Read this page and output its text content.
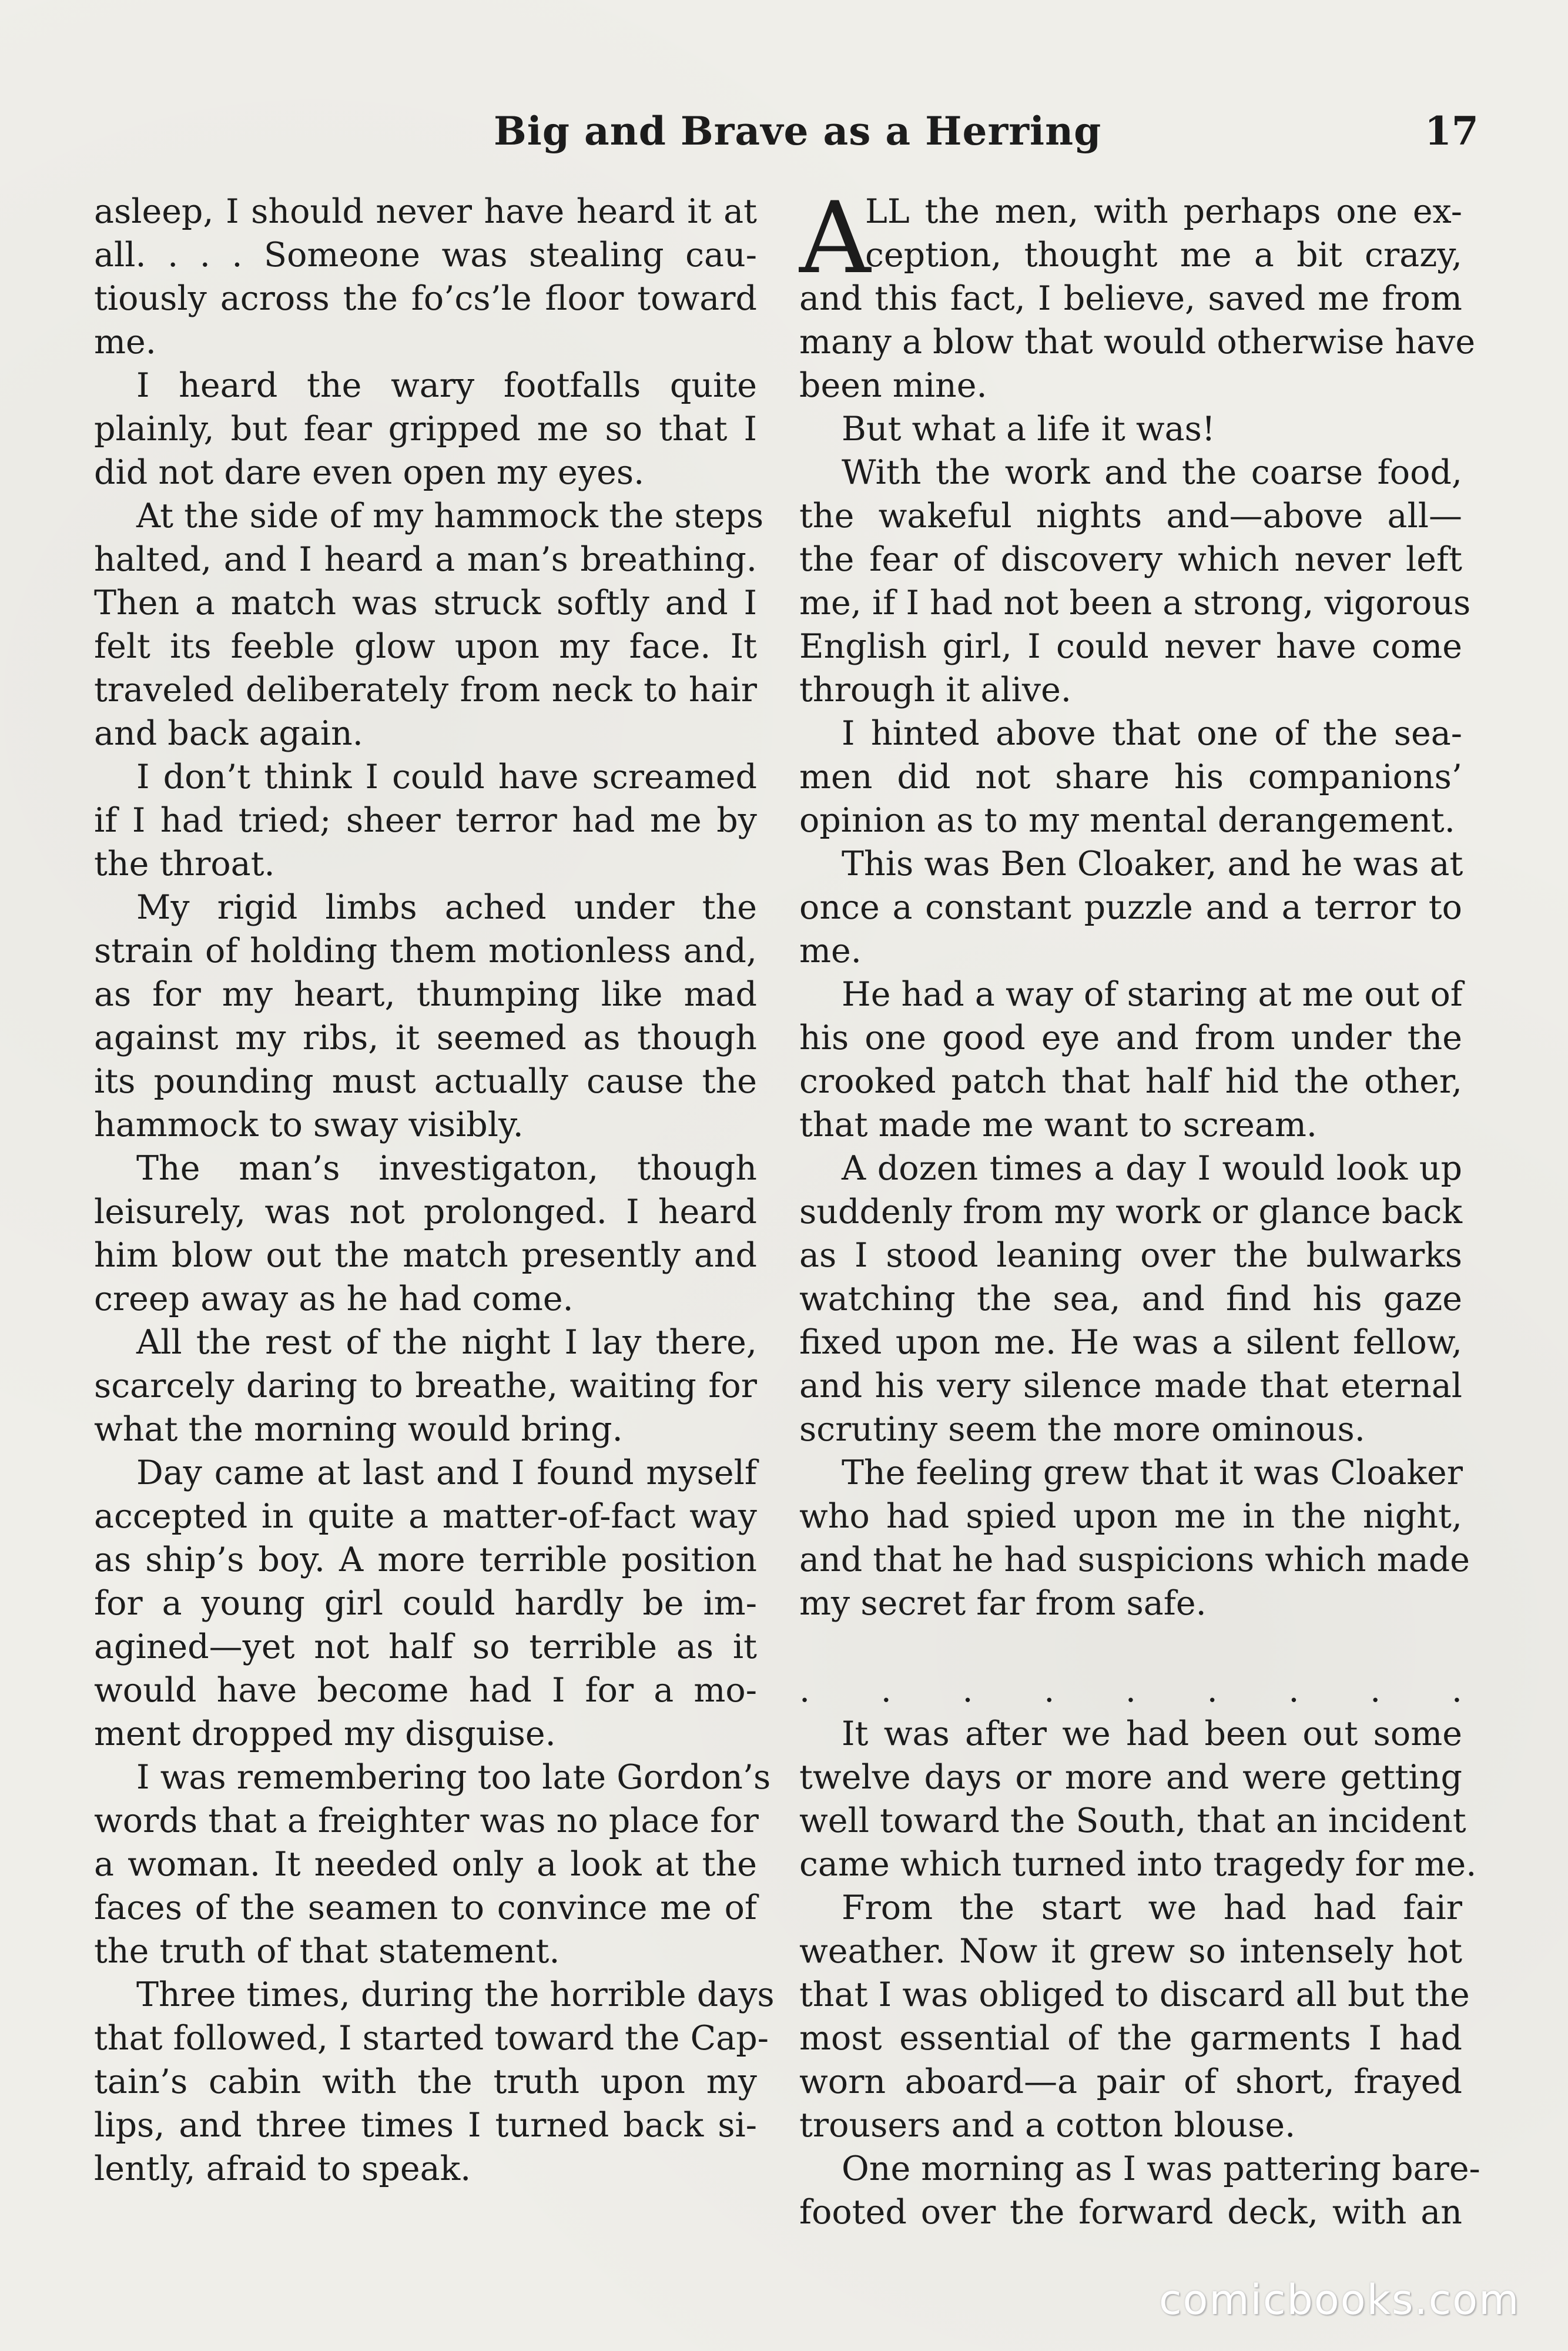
Big and Brave as a Herring	17
asleep, I should never have heard it at
all. . . . Someone was stealing cau-
tiously across the fo’cs’le floor toward
me.
I heard the wary footfalls quite
plainly, but fear gripped me so that I
did not dare even open my eyes.
At the side of my hammock the steps
halted, and I heard a man’s breathing.
Then a match was struck softly and I
felt its feeble glow upon my face. It
traveled deliberately from neck to hair
and back again.
I don’t think I could have screamed
if I had tried; sheer terror had me by
the throat.
My rigid limbs ached under the
strain of holding them motionless and,
as for my heart, thumping like mad
against my ribs, it seemed as though
its pounding must actually cause the
hammock to sway visibly.
The man’s investigaton, though
leisurely, was not prolonged. I heard
him blow out the match presently and
creep away as he had come.
All the rest of the night I lay there,
scarcely daring to breathe, waiting for
what the morning would bring.
Day came at last and I found myself
accepted in quite a matter-of-fact way
as ship’s boy. A more terrible position
for a young girl could hardly be im-
agined—yet not half so terrible as it
would have become had I for a mo-
ment dropped my disguise.
I was remembering too late Gordon’s
words that a freighter was no place for
a woman. It needed only a look at the
faces of the seamen to convince me of
the truth of that statement.
Three times, during the horrible days
that followed, I started toward the Cap-
tain’s cabin with the truth upon my
lips, and three times I turned back si-
lently, afraid to speak.
A
LL the men, with perhaps one ex-
ception, thought me a bit crazy,
and this fact, I believe, saved me from
many a blow that would otherwise have
been mine.
But what a life it was!
With the work and the coarse food,
the wakeful nights and—above all—
the fear of discovery which never left
me, if I had not been a strong, vigorous
English girl, I could never have come
through it alive.
I hinted above that one of the sea-
men did not share his companions’
opinion as to my mental derangement.
This was Ben Cloaker, and he was at
once a constant puzzle and a terror to
me.
He had a way of staring at me out of
his one good eye and from under the
crooked patch that half hid the other,
that made me want to scream.
A dozen times a day I would look up
suddenly from my work or glance back
as I stood leaning over the bulwarks
watching the sea, and find his gaze
fixed upon me. He was a silent fellow,
and his very silence made that eternal
scrutiny seem the more ominous.
The feeling grew that it was Cloaker
who had spied upon me in the night,
and that he had suspicions which made
my secret far from safe.
. . . . . . . . .
It was after we had been out some
twelve days or more and were getting
well toward the South, that an incident
came which turned into tragedy for me.
From the start we had had fair
weather. Now it grew so intensely hot
that I was obliged to discard all but the
most essential of the garments I had
worn aboard—a pair of short, frayed
trousers and a cotton blouse.
One morning as I was pattering bare-
footed over the forward deck, with an
comicbooks.com
